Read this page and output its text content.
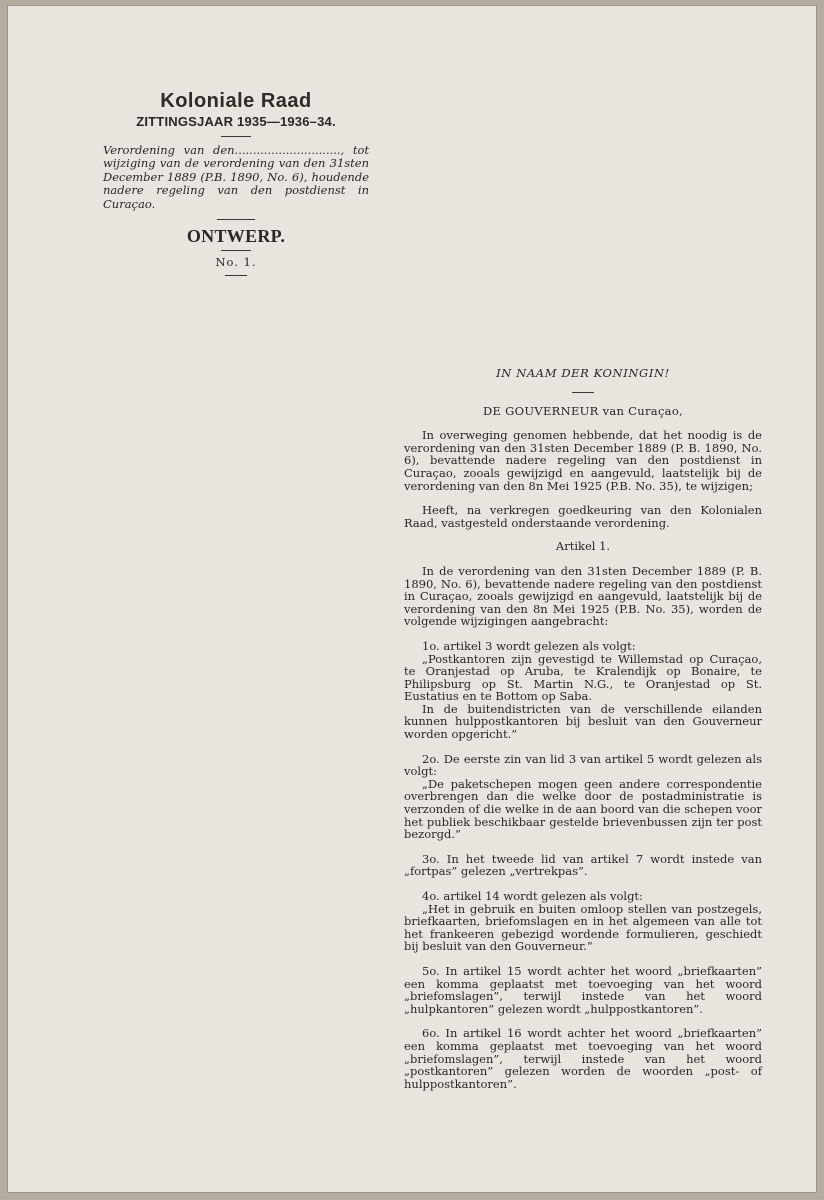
Koloniale Raad
ZITTINGSJAAR 1935—1936–34.
Verordening van den............................., tot wijziging van de verordening van den 31sten December 1889 (P.B. 1890, No. 6), houdende nadere regeling van den postdienst in Curaçao.
ONTWERP.
No. 1.
IN NAAM DER KONINGIN!
DE GOUVERNEUR van Curaçao,

In overweging genomen hebbende, dat het noodig is de verordening van den 31sten December 1889 (P. B. 1890, No. 6), bevattende nadere regeling van den postdienst in Curaçao, zooals gewijzigd en aangevuld, laatstelijk bij de verordening van den 8n Mei 1925 (P.B. No. 35), te wijzigen;

Heeft, na verkregen goedkeuring van den Kolonialen Raad, vastgesteld onderstaande verordening.

Artikel 1.

In de verordening van den 31sten December 1889 (P. B. 1890, No. 6), bevattende nadere regeling van den postdienst in Curaçao, zooals gewijzigd en aangevuld, laatstelijk bij de verordening van den 8n Mei 1925 (P.B. No. 35), worden de volgende wijzigingen aangebracht:

1o. artikel 3 wordt gelezen als volgt:

„Postkantoren zijn gevestigd te Willemstad op Curaçao, te Oranjestad op Aruba, te Kralendijk op Bonaire, te Philipsburg op St. Martin N.G., te Oranjestad op St. Eustatius en te Bottom op Saba.

In de buitendistricten van de verschillende eilanden kunnen hulppostkantoren bij besluit van den Gouverneur worden opgericht.”

2o. De eerste zin van lid 3 van artikel 5 wordt gelezen als volgt:

„De paketschepen mogen geen andere correspondentie overbrengen dan die welke door de postadministratie is verzonden of die welke in de aan boord van die schepen voor het publiek beschikbaar gestelde brievenbussen zijn ter post bezorgd.”

3o. In het tweede lid van artikel 7 wordt instede van „fortpas” gelezen „vertrekpas”.

4o. artikel 14 wordt gelezen als volgt:

„Het in gebruik en buiten omloop stellen van postzegels, briefkaarten, briefomslagen en in het algemeen van alle tot het frankeeren gebezigd wordende formulieren, geschiedt bij besluit van den Gouverneur.”

5o. In artikel 15 wordt achter het woord „briefkaarten” een komma geplaatst met toevoeging van het woord „briefomslagen”, terwijl instede van het woord „hulpkantoren” gelezen wordt „hulppostkantoren”.

6o. In artikel 16 wordt achter het woord „briefkaarten” een komma geplaatst met toevoeging van het woord „briefomslagen”, terwijl instede van het woord „postkantoren” gelezen worden de woorden „post- of hulppostkantoren”.
